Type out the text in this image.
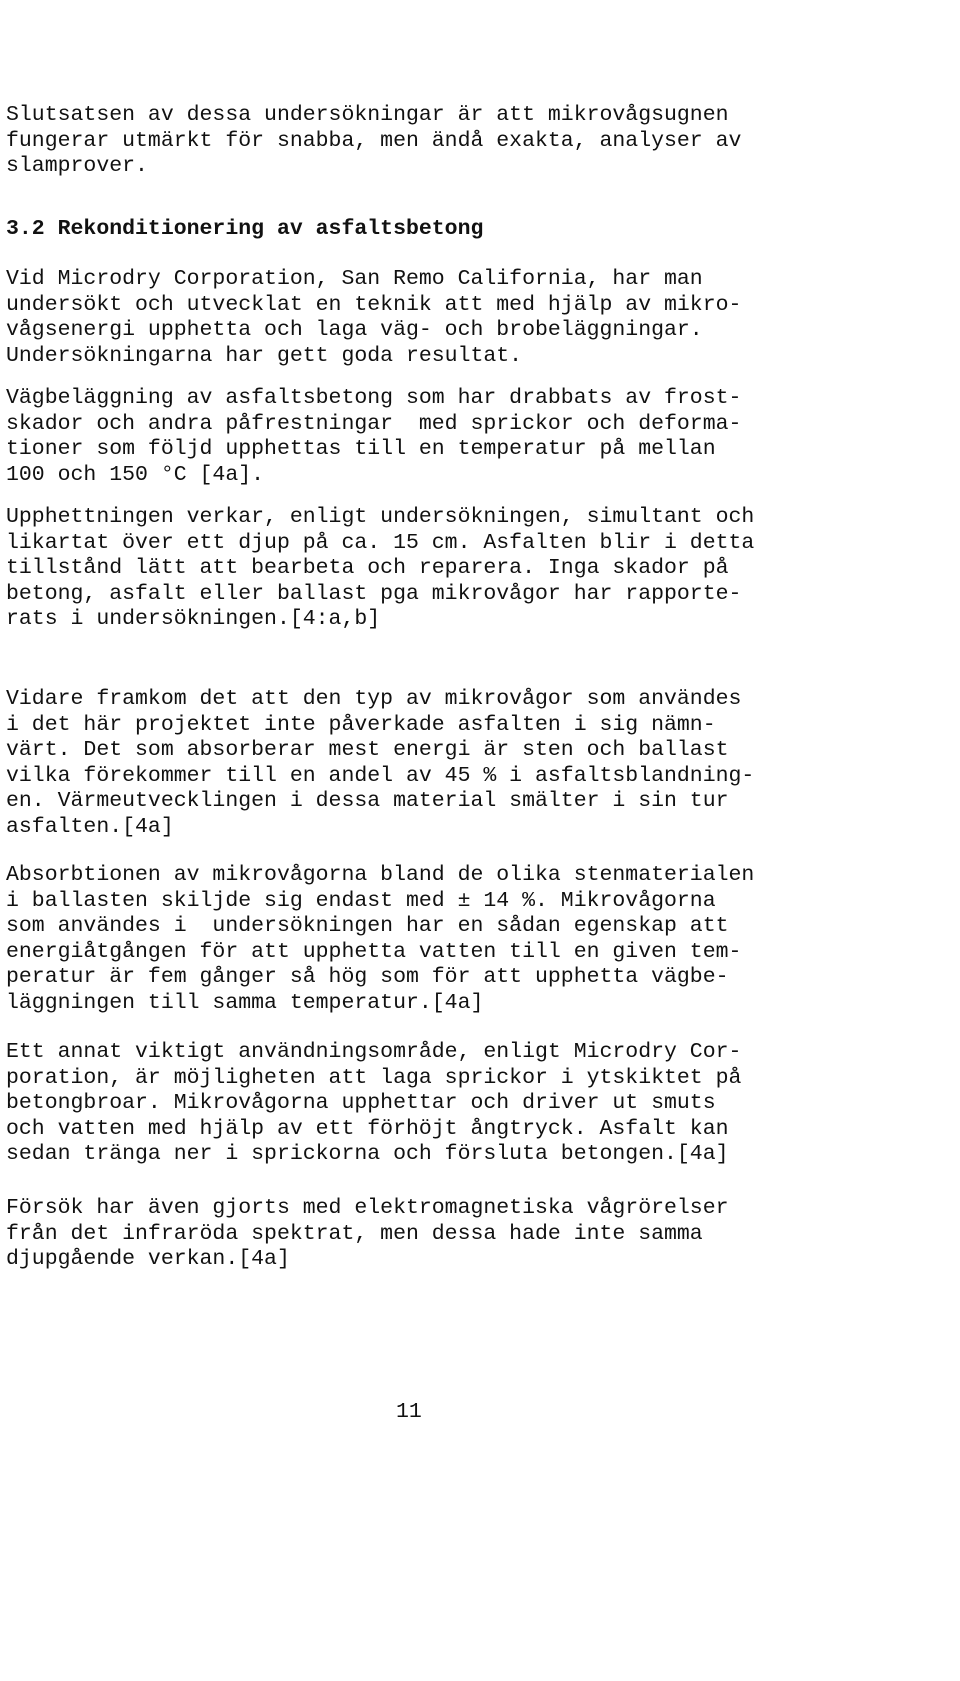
Slutsatsen av dessa undersökningar är att mikrovågsugnen
fungerar utmärkt för snabba, men ändå exakta, analyser av
slamprover.
3.2 Rekonditionering av asfaltsbetong
Vid Microdry Corporation, San Remo California, har man
undersökt och utvecklat en teknik att med hjälp av mikro-
vågsenergi upphetta och laga väg- och brobeläggningar.
Undersökningarna har gett goda resultat.
Vägbeläggning av asfaltsbetong som har drabbats av frost-
skador och andra påfrestningar  med sprickor och deforma-
tioner som följd upphettas till en temperatur på mellan
100 och 150 °C [4a].
Upphettningen verkar, enligt undersökningen, simultant och
likartat över ett djup på ca. 15 cm. Asfalten blir i detta
tillstånd lätt att bearbeta och reparera. Inga skador på
betong, asfalt eller ballast pga mikrovågor har rapporte-
rats i undersökningen.[4:a,b]
Vidare framkom det att den typ av mikrovågor som användes
i det här projektet inte påverkade asfalten i sig nämn-
värt. Det som absorberar mest energi är sten och ballast
vilka förekommer till en andel av 45 % i asfaltsblandning-
en. Värmeutvecklingen i dessa material smälter i sin tur
asfalten.[4a]
Absorbtionen av mikrovågorna bland de olika stenmaterialen
i ballasten skiljde sig endast med ± 14 %. Mikrovågorna
som användes i  undersökningen har en sådan egenskap att
energiåtgången för att upphetta vatten till en given tem-
peratur är fem gånger så hög som för att upphetta vägbe-
läggningen till samma temperatur.[4a]
Ett annat viktigt användningsområde, enligt Microdry Cor-
poration, är möjligheten att laga sprickor i ytskiktet på
betongbroar. Mikrovågorna upphettar och driver ut smuts
och vatten med hjälp av ett förhöjt ångtryck. Asfalt kan
sedan tränga ner i sprickorna och försluta betongen.[4a]
Försök har även gjorts med elektromagnetiska vågrörelser
från det infraröda spektrat, men dessa hade inte samma
djupgående verkan.[4a]
11
